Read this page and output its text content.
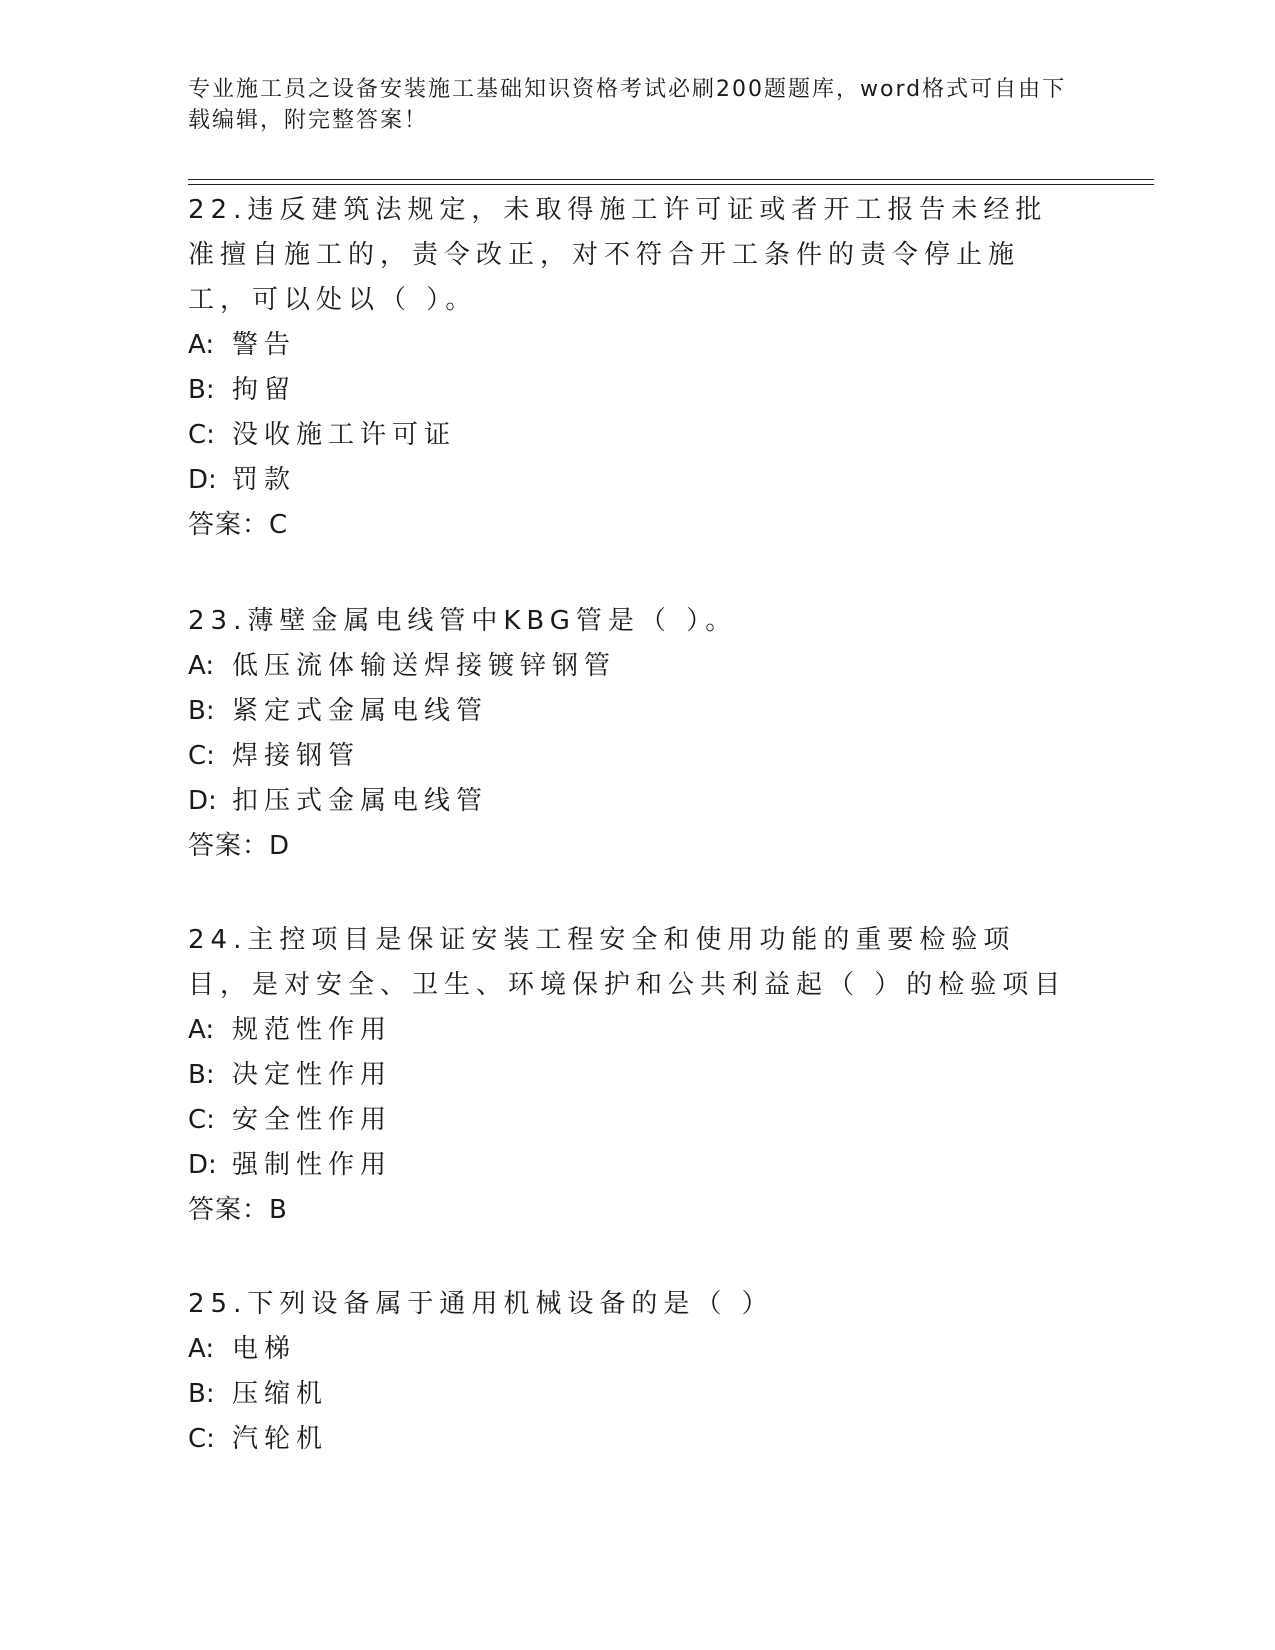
专业施工员之设备安装施工基础知识资格考试必刷200题题库，word格式可自由下载编辑，附完整答案！
22.违反建筑法规定，未取得施工许可证或者开工报告未经批准擅自施工的，责令改正，对不符合开工条件的责令停止施工，可以处以（ ）。
A: 警告
B: 拘留
C: 没收施工许可证
D: 罚款
答案：C
23.薄壁金属电线管中KBG管是（ ）。
A: 低压流体输送焊接镀锌钢管
B: 紧定式金属电线管
C: 焊接钢管
D: 扣压式金属电线管
答案：D
24.主控项目是保证安装工程安全和使用功能的重要检验项目，是对安全、卫生、环境保护和公共利益起（ ）的检验项目
A: 规范性作用
B: 决定性作用
C: 安全性作用
D: 强制性作用
答案：B
25.下列设备属于通用机械设备的是（ ）
A: 电梯
B: 压缩机
C: 汽轮机
